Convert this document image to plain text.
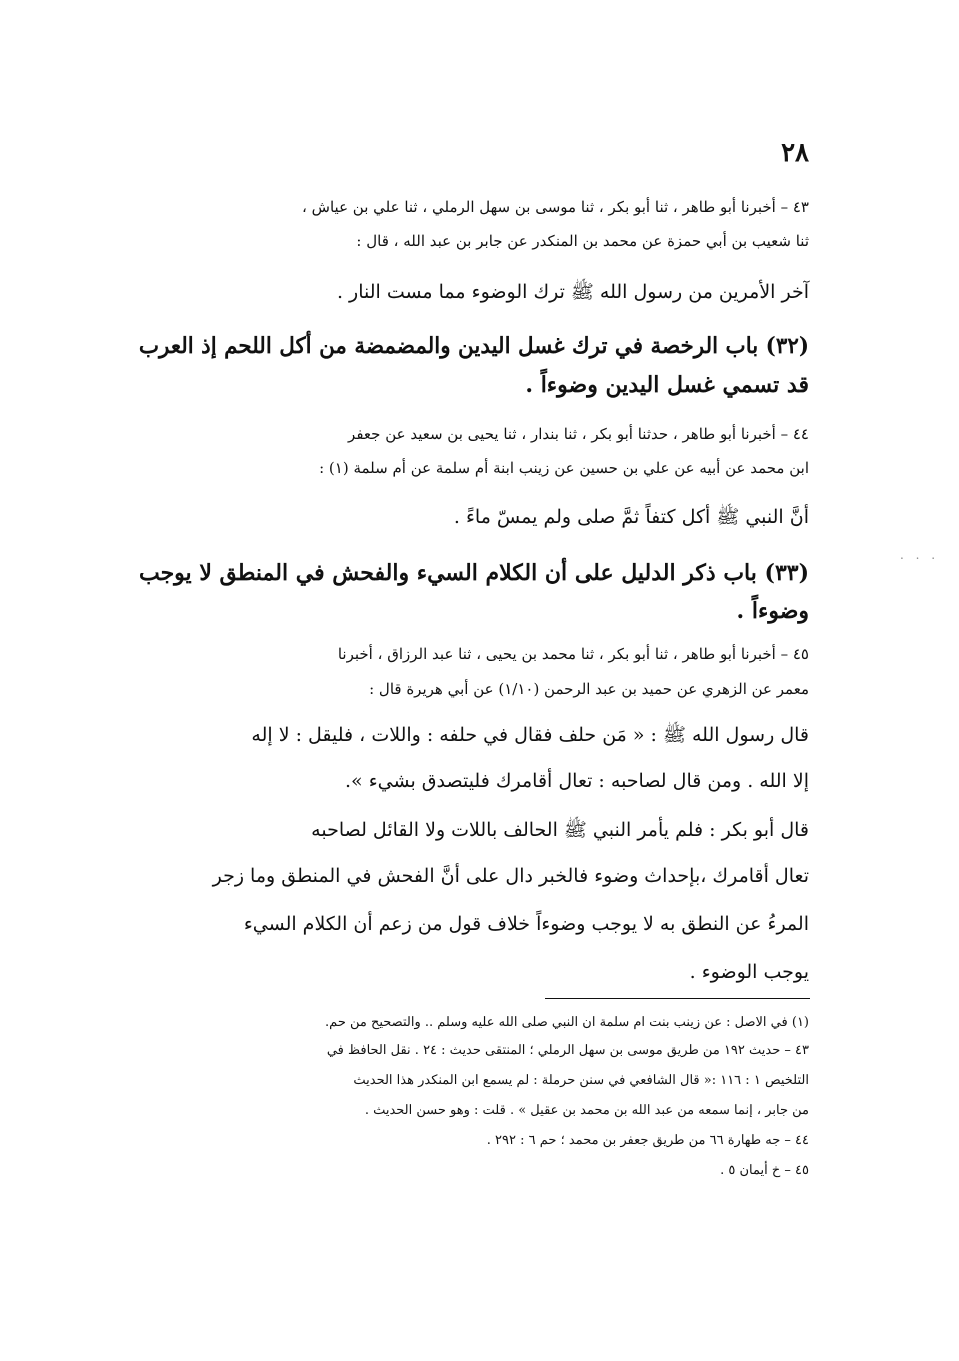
٢٨
٤٣ – أخبرنا أبو طاهر ، ثنا أبو بكر ، ثنا موسى بن سهل الرملي ، ثنا علي بن عياش ،
ثنا شعيب بن أبي حمزة عن محمد بن المنكدر عن جابر بن عبد الله ، قال :
آخر الأمرين من رسول الله ﷺ ترك الوضوء مما مست النار .
(٣٢) باب الرخصة في ترك غسل اليدين والمضمضة من أكل اللحم إذ العرب
قد تسمي غسل اليدين وضوءاً .
٤٤ – أخبرنا أبو طاهر ، حدثنا أبو بكر ، ثنا بندار ، ثنا يحيى بن سعيد عن جعفر
ابن محمد عن أبيه عن علي بن حسين عن زينب ابنة أم سلمة عن أم سلمة (١) :
أنَّ النبي ﷺ أكل كتفاً ثمَّ صلى ولم يمسّ ماءً .
(٣٣) باب ذكر الدليل على أن الكلام السيء والفحش في المنطق لا يوجب
وضوءاً .
٤٥ – أخبرنا أبو طاهر ، ثنا أبو بكر ، ثنا محمد بن يحيى ، ثنا عبد الرزاق ، أخبرنا
معمر عن الزهري عن حميد بن عبد الرحمن (١/١٠) عن أبي هريرة قال :
قال رسول الله ﷺ : « مَن حلف فقال في حلفه : واللات ، فليقل : لا إله
إلا الله . ومن قال لصاحبه : تعال أقامرك فليتصدق بشيء ».
قال أبو بكر : فلم يأمر النبي ﷺ الحالف باللات ولا القائل لصاحبه
تعال أقامرك ،بإحداث وضوء فالخبر دال على أنَّ الفحش في المنطق وما زجر
المرءُ عن النطق به لا يوجب وضوءاً خلاف قول من زعم أن الكلام السيء
يوجب الوضوء .
(١) في الاصل : عن زينب بنت ام سلمة ان النبي صلى الله عليه وسلم .. والتصحيح من حم.
٤٣ – حديث ١٩٢ من طريق موسى بن سهل الرملي ؛ المنتقى حديث : ٢٤ . نقل الحافظ في
التلخيص ١ : ١١٦ :« قال الشافعي في سنن حرملة : لم يسمع ابن المنكدر هذا الحديث
من جابر ، إنما سمعه من عبد الله بن محمد بن عقيل » . قلت : وهو حسن الحديث .
٤٤ – جه طهارة ٦٦ من طريق جعفر بن محمد ؛ حم ٦ : ٢٩٢ .
٤٥ – خ أيمان ٥ .
. . .
